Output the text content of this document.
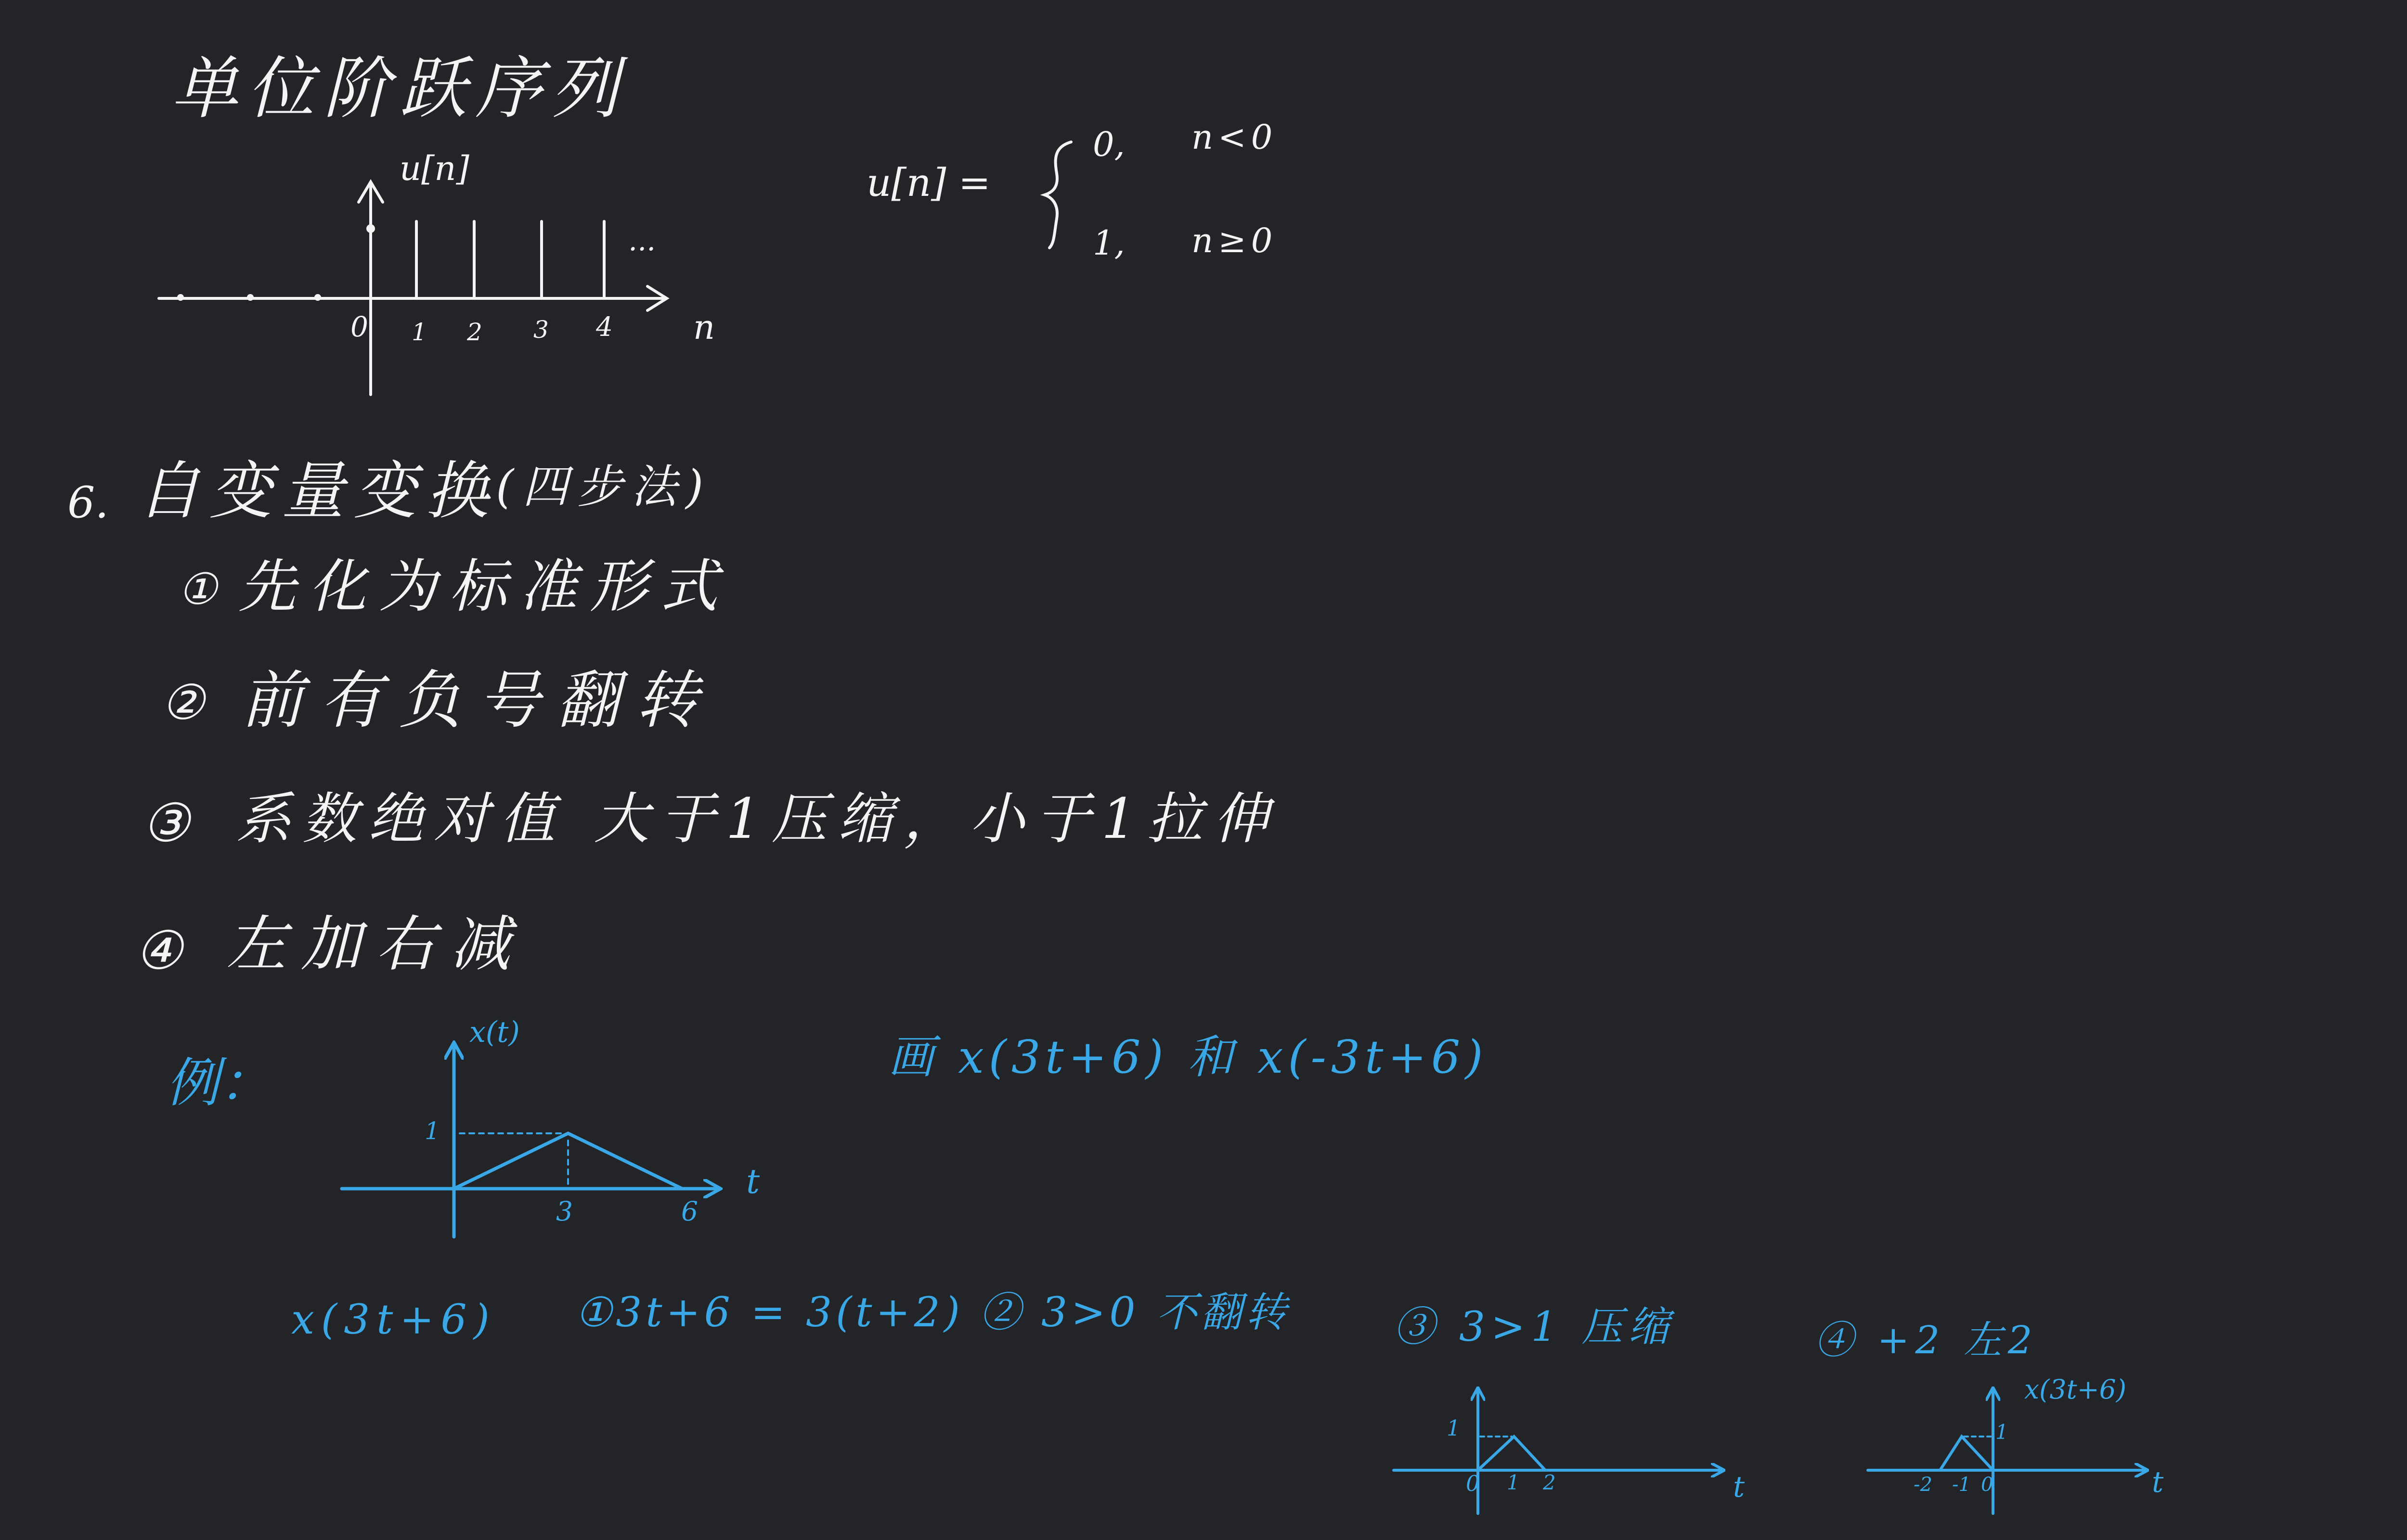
单位阶跃序列
u[n]
...
n
0 1 2 3 4
u[n] =
0, n<0
1, n≥0
6. 自变量变换
(四步法)
① 先化为标准形式
② 前有负号翻转
③ 系数绝对值 大于1压缩，小于1拉伸
④ 左加右减
例：
x(t)
t
1
3	6
画 x(3t+6) 和 x(-3t+6)
x(3t+6) ①3t+6 = 3(t+2) ② 3>0 不翻转	③ 3>1 压缩	④ +2 左2
1
0 1 2	t
x(3t+6)
1
-2 -1 0	t
